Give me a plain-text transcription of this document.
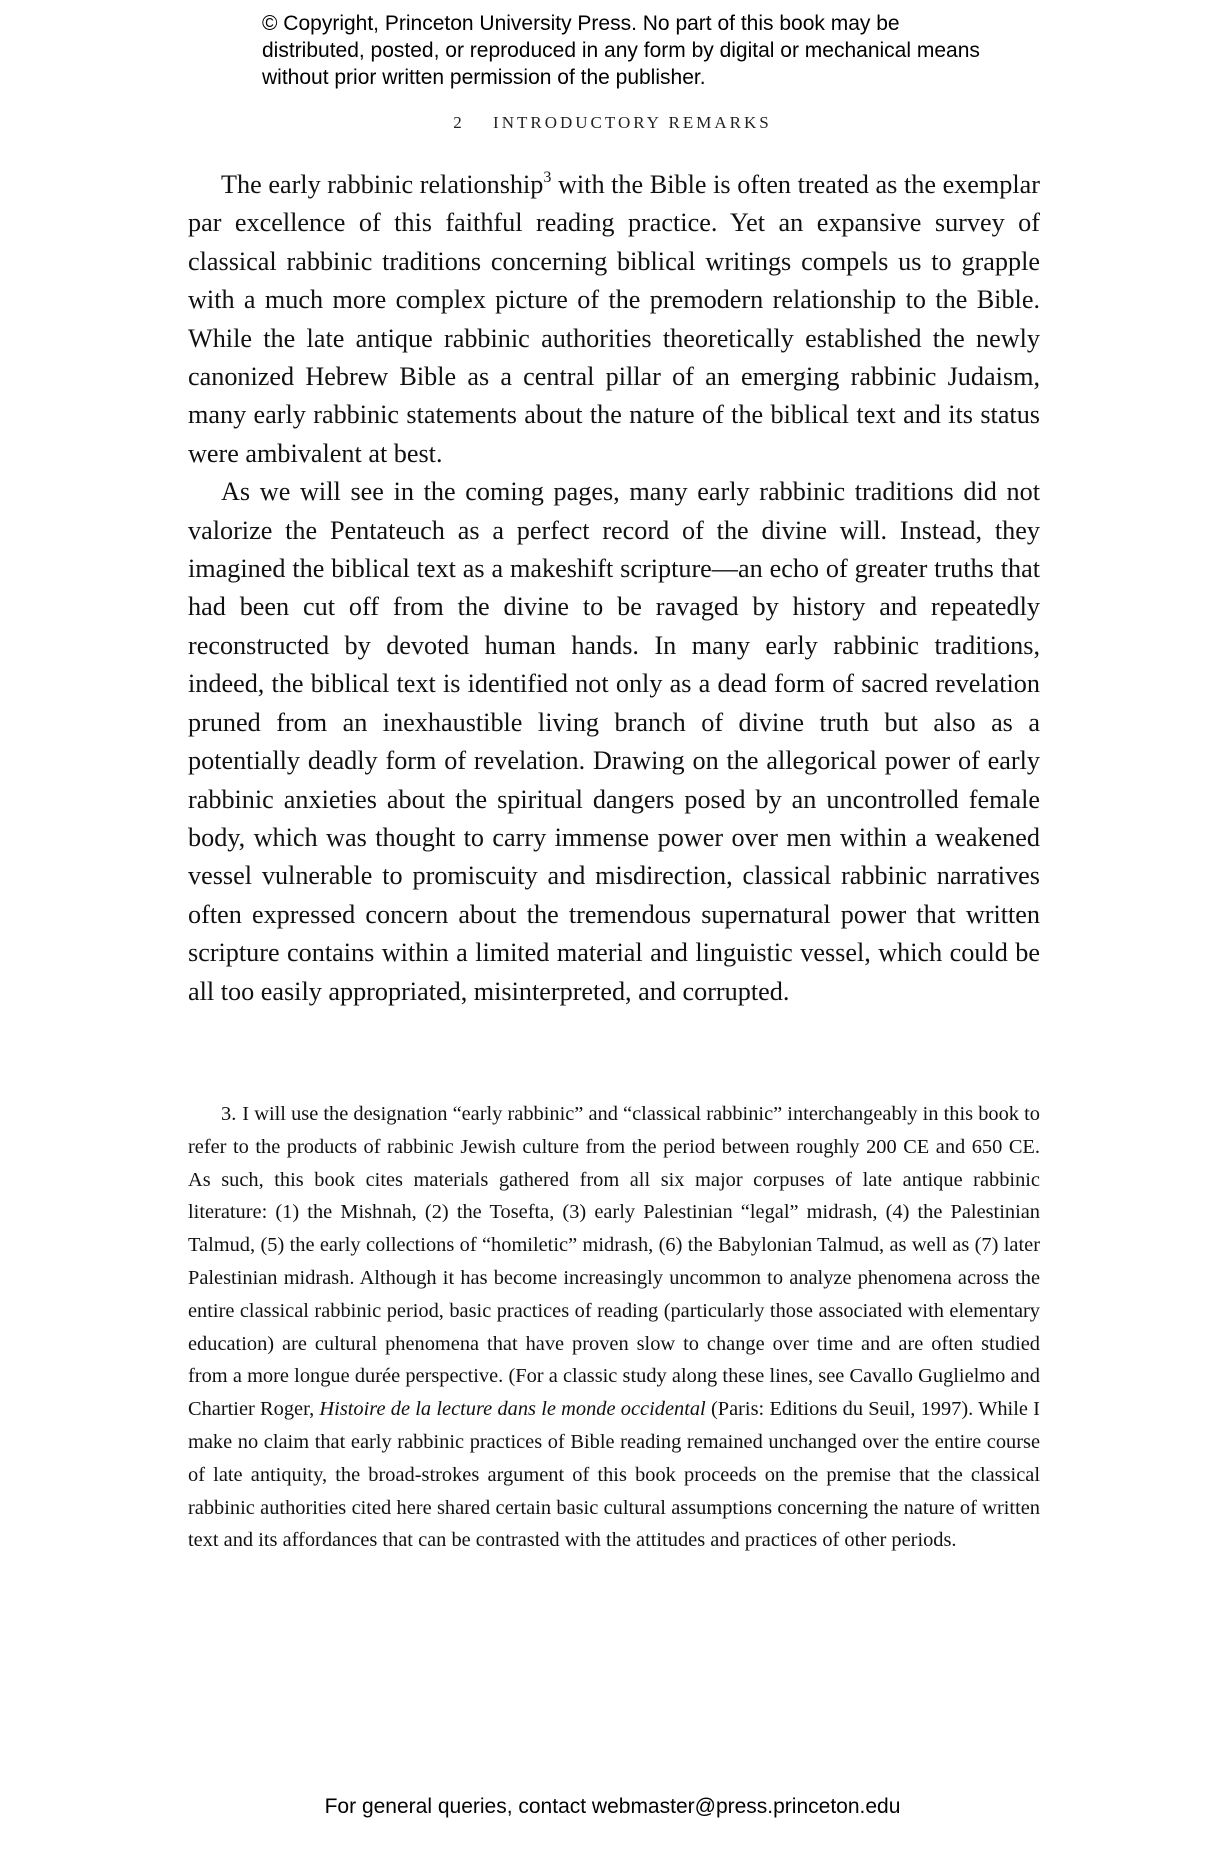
© Copyright, Princeton University Press. No part of this book may be distributed, posted, or reproduced in any form by digital or mechanical means without prior written permission of the publisher.
2 INTRODUCTORY REMARKS

The early rabbinic relationship$^3$ with the Bible is often treated as the exemplar par excellence of this faithful reading practice. Yet an expansive survey of classical rabbinic traditions concerning biblical writings compels us to grapple with a much more complex picture of the premodern relationship to the Bible. While the late antique rabbinic authorities theoretically established the newly canonized Hebrew Bible as a central pillar of an emerging rabbinic Judaism, many early rabbinic statements about the nature of the biblical text and its status were ambivalent at best.

As we will see in the coming pages, many early rabbinic traditions did not valorize the Pentateuch as a perfect record of the divine will. Instead, they imagined the biblical text as a makeshift scripture—an echo of greater truths that had been cut off from the divine to be ravaged by history and repeatedly reconstructed by devoted human hands. In many early rabbinic traditions, indeed, the biblical text is identified not only as a dead form of sacred revelation pruned from an inexhaustible living branch of divine truth but also as a potentially deadly form of revelation. Drawing on the allegorical power of early rabbinic anxieties about the spiritual dangers posed by an uncontrolled female body, which was thought to carry immense power over men within a weakened vessel vulnerable to promiscuity and misdirection, classical rabbinic narratives often expressed concern about the tremendous supernatural power that written scripture contains within a limited material and linguistic vessel, which could be all too easily appropriated, misinterpreted, and corrupted.

3. I will use the designation “early rabbinic” and “classical rabbinic” interchangeably in this book to refer to the products of rabbinic Jewish culture from the period between roughly 200 CE and 650 CE. As such, this book cites materials gathered from all six major corpuses of late antique rabbinic literature: (1) the Mishnah, (2) the Tosefta, (3) early Palestinian “legal” midrash, (4) the Palestinian Talmud, (5) the early collections of “homiletic” midrash, (6) the Babylonian Talmud, as well as (7) later Palestinian midrash. Although it has become increasingly uncommon to analyze phenomena across the entire classical rabbinic period, basic practices of reading (particularly those associated with elementary education) are cultural phenomena that have proven slow to change over time and are often studied from a more longue durée perspective. (For a classic study along these lines, see Cavallo Guglielmo and Chartier Roger, Histoire de la lecture dans le monde occidental (Paris: Editions du Seuil, 1997). While I make no claim that early rabbinic practices of Bible reading remained unchanged over the entire course of late antiquity, the broad-strokes argument of this book proceeds on the premise that the classical rabbinic authorities cited here shared certain basic cultural assumptions concerning the nature of written text and its affordances that can be contrasted with the attitudes and practices of other periods.

For general queries, contact webmaster@press.princeton.edu
